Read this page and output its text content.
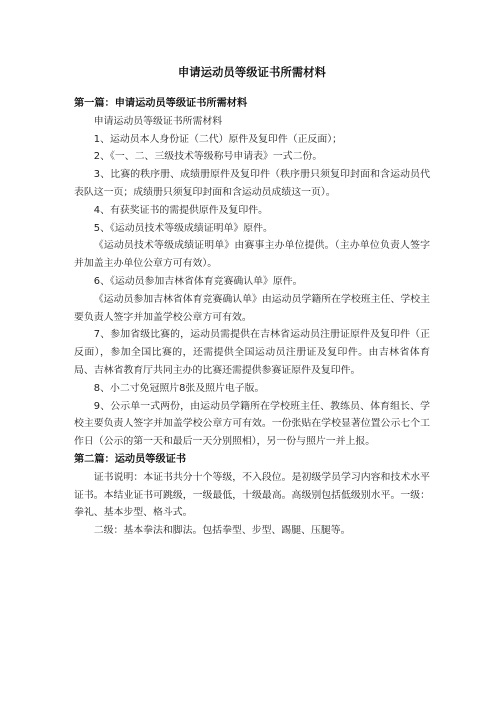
申请运动员等级证书所需材料
第一篇：申请运动员等级证书所需材料

申请运动员等级证书所需材料

1、运动员本人身份证（二代）原件及复印件（正反面）；

2、《一、二、三级技术等级称号申请表》一式二份。

3、比赛的秩序册、成绩册原件及复印件（秩序册只须复印封面和含运动员代表队这一页；成绩册只须复印封面和含运动员成绩这一页）。

4、有获奖证书的需提供原件及复印件。

5、《运动员技术等级成绩证明单》原件。

《运动员技术等级成绩证明单》由赛事主办单位提供。（主办单位负责人签字并加盖主办单位公章方可有效）。

6、《运动员参加吉林省体育竞赛确认单》原件。

《运动员参加吉林省体育竞赛确认单》由运动员学籍所在学校班主任、学校主要负责人签字并加盖学校公章方可有效。

7、参加省级比赛的，运动员需提供在吉林省运动员注册证原件及复印件（正反面），参加全国比赛的，还需提供全国运动员注册证及复印件。由吉林省体育局、吉林省教育厅共同主办的比赛还需提供参赛证原件及复印件。

8、小二寸免冠照片8张及照片电子版。

9、公示单一式两份，由运动员学籍所在学校班主任、教练员、体育组长、学校主要负责人签字并加盖学校公章方可有效。一份张贴在学校显著位置公示七个工作日（公示的第一天和最后一天分别照相），另一份与照片一并上报。

第二篇：运动员等级证书

证书说明：本证书共分十个等级，不入段位。是初级学员学习内容和技术水平证书。本结业证书可跳级，一级最低，十级最高。高级别包括低级别水平。一级：拳礼、基本步型、格斗式。

二级：基本拳法和脚法。包括拳型、步型、踢腿、压腿等。
